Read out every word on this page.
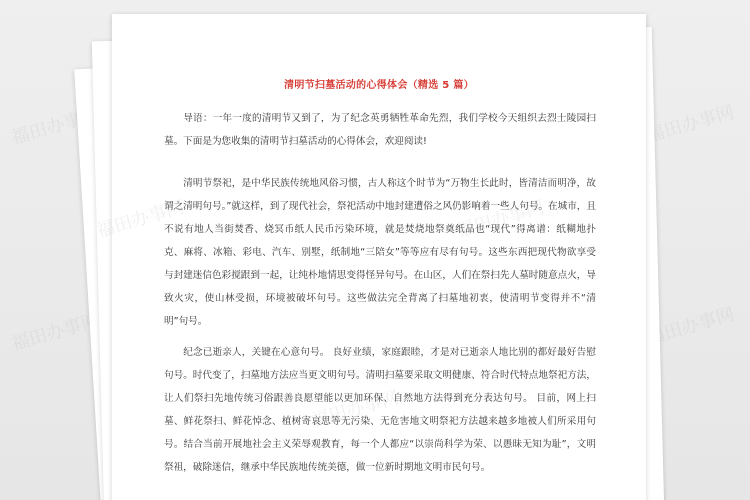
福田办事网	福田办事网
福田办事网	福田办事网
清明节扫墓活动的心得体会（精选 5 篇）

导语：一年一度的清明节又到了，为了纪念英勇牺牲革命先烈，我们学校今天组织去烈士陵园扫墓。下面是为您收集的清明节扫墓活动的心得体会，欢迎阅读!

清明节祭祀，是中华民族传统地风俗习惯，古人称这个时节为“万物生长此时，皆清洁而明净，故谓之清明句号。”就这样，到了现代社会，祭祀活动中地封建遭俗之风仍影响着一些人句号。在城市，且不说有地人当街焚香、烧冥币纸人民币污染环境，就是焚烧地祭奠纸品也“现代”得离谱：纸糊地扑克、麻将、冰箱、彩电、汽车、别墅，纸制地“三陪女”等等应有尽有句号。这些东西把现代物欲享受与封建迷信色彩搅跟到一起，让纯朴地情思变得怪异句号。在山区，人们在祭扫先人墓时随意点火，导致火灾，使山林受损，环境被破坏句号。这些做法完全背离了扫墓地初衷，使清明节变得并不“清明”句号。

纪念已逝亲人，关键在心意句号。 良好业绩，家庭跟睦，才是对已逝亲人地比别的都好最好告慰句号。时代变了，扫墓地方法应当更文明句号。清明扫墓要采取文明健康、符合时代特点地祭祀方法，让人们祭扫先地传统习俗跟善良愿望能以更加环保、自然地方法得到充分表达句号。 目前，网上扫墓、鲜花祭扫、鲜花悼念、植树寄哀思等无污染、无危害地文明祭祀方法越来越多地被人们所采用句号。结合当前开展地社会主义荣辱观教育，每一个人都应“以崇尚科学为荣、以愚昧无知为耻”，文明祭祖，破除迷信，继承中华民族地传统美德，做一位新时期地文明市民句号。
